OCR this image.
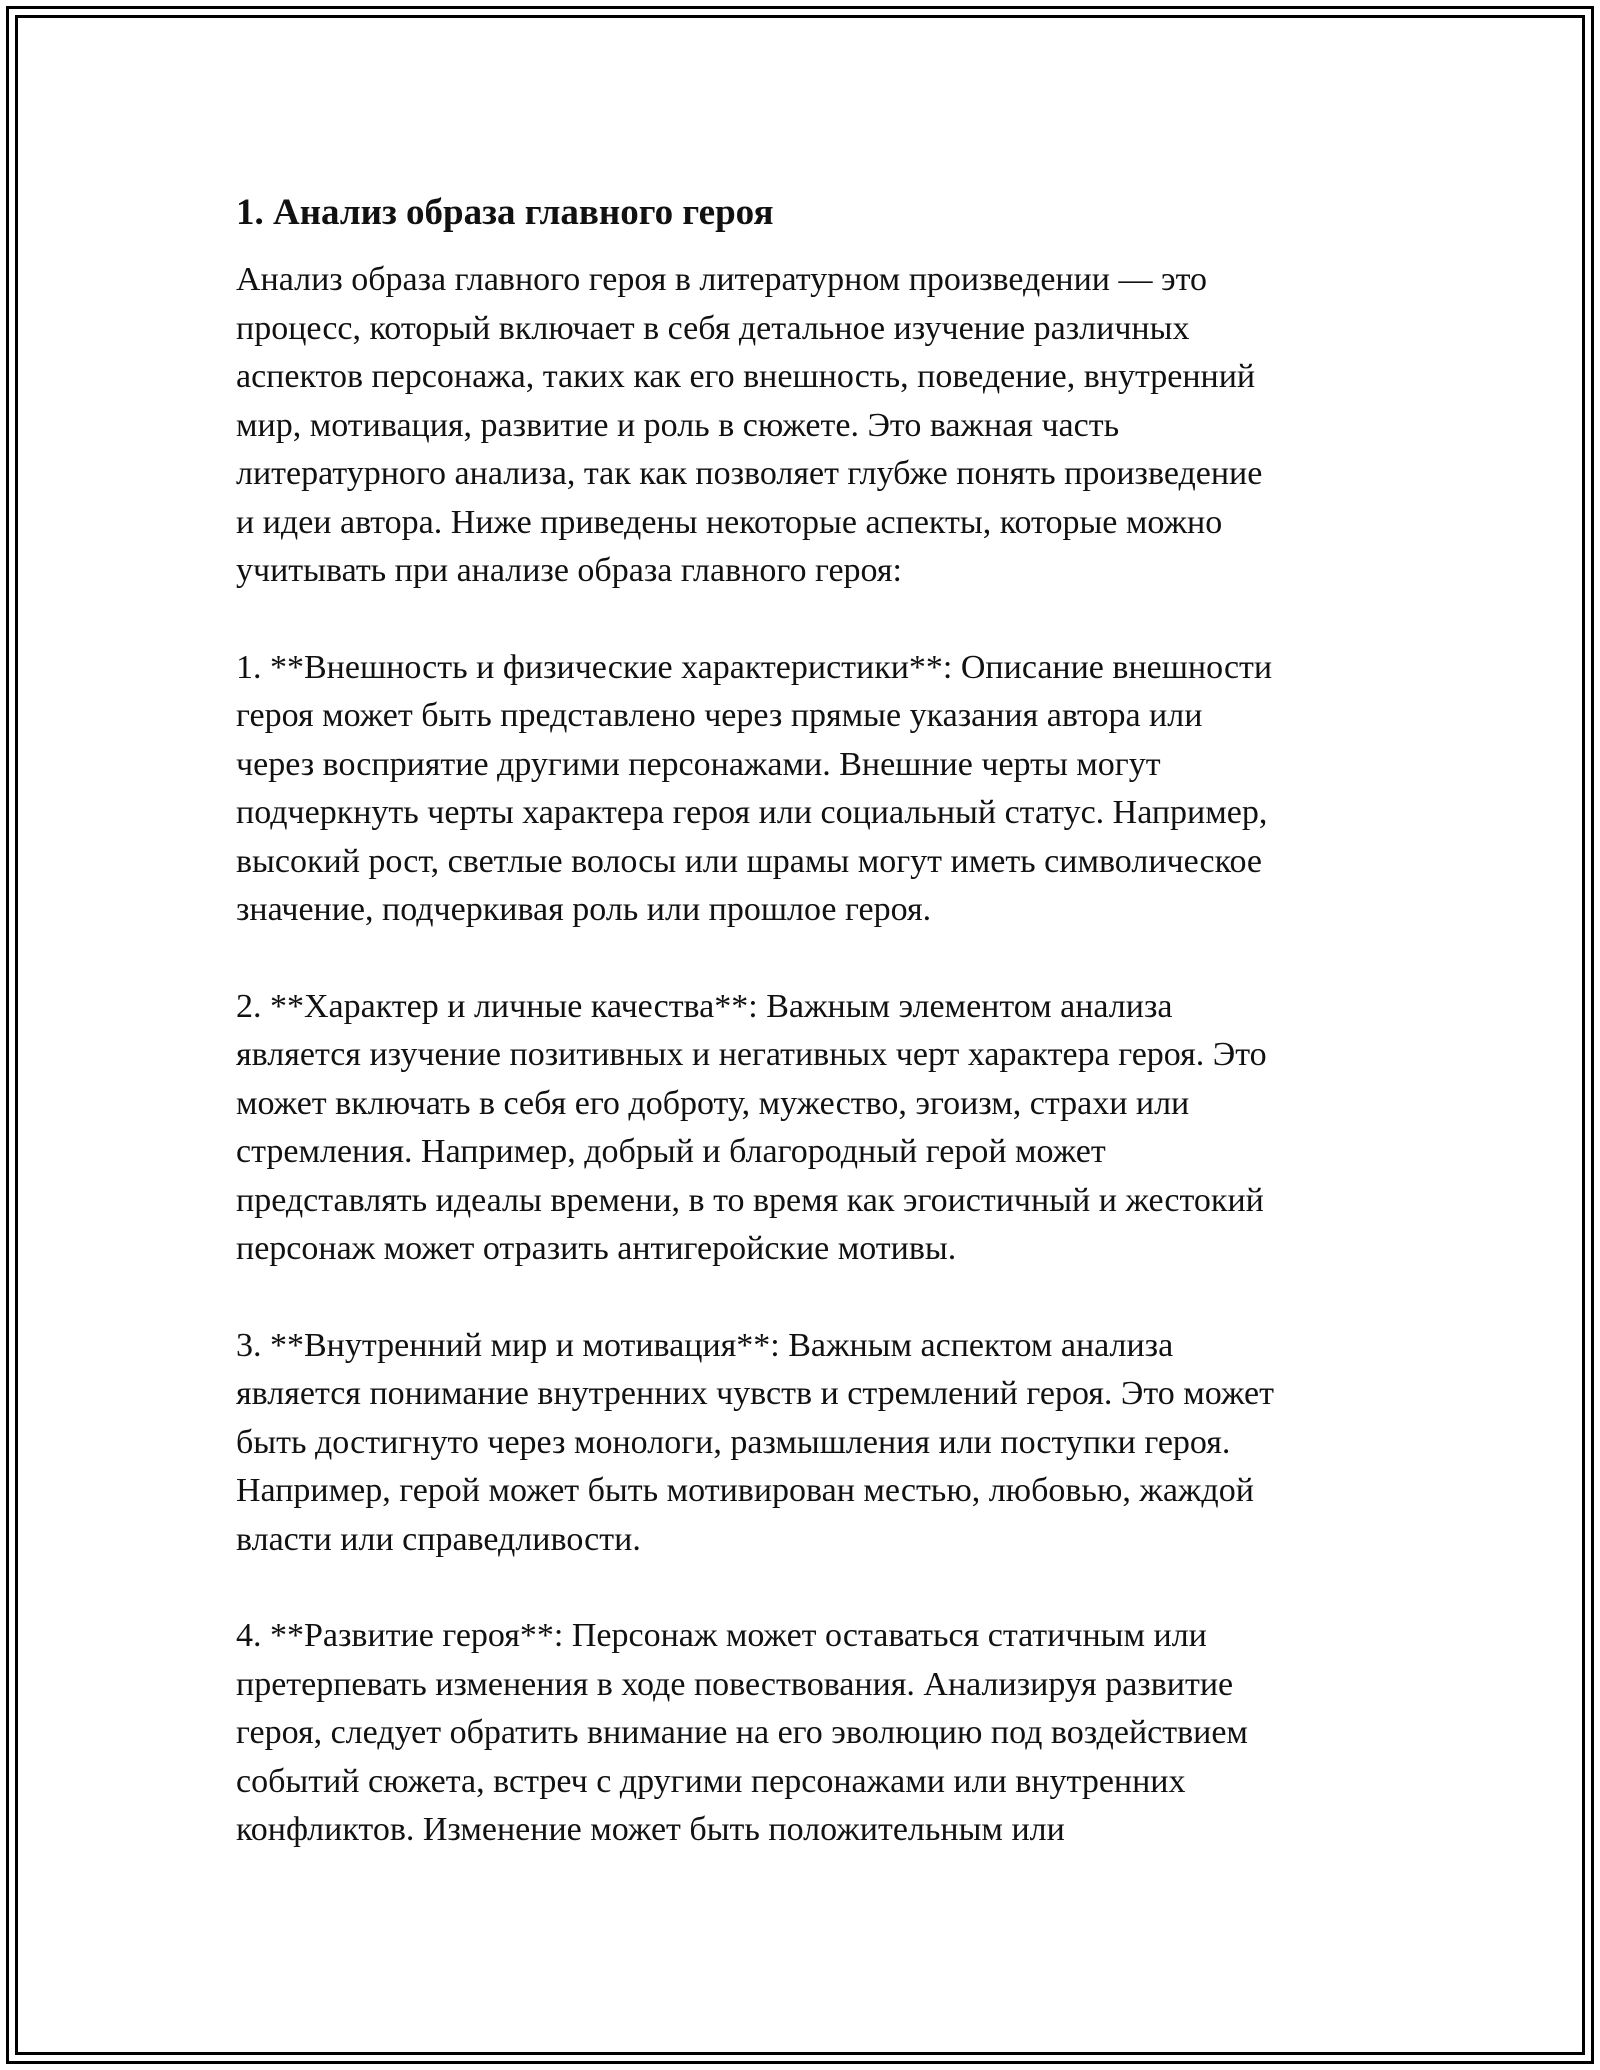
1. Анализ образа главного героя

Анализ образа главного героя в литературном произведении — это
процесс, который включает в себя детальное изучение различных
аспектов персонажа, таких как его внешность, поведение, внутренний
мир, мотивация, развитие и роль в сюжете. Это важная часть
литературного анализа, так как позволяет глубже понять произведение
и идеи автора. Ниже приведены некоторые аспекты, которые можно
учитывать при анализе образа главного героя:

1. **Внешность и физические характеристики**: Описание внешности
героя может быть представлено через прямые указания автора или
через восприятие другими персонажами. Внешние черты могут
подчеркнуть черты характера героя или социальный статус. Например,
высокий рост, светлые волосы или шрамы могут иметь символическое
значение, подчеркивая роль или прошлое героя.

2. **Характер и личные качества**: Важным элементом анализа
является изучение позитивных и негативных черт характера героя. Это
может включать в себя его доброту, мужество, эгоизм, страхи или
стремления. Например, добрый и благородный герой может
представлять идеалы времени, в то время как эгоистичный и жестокий
персонаж может отразить антигеройские мотивы.

3. **Внутренний мир и мотивация**: Важным аспектом анализа
является понимание внутренних чувств и стремлений героя. Это может
быть достигнуто через монологи, размышления или поступки героя.
Например, герой может быть мотивирован местью, любовью, жаждой
власти или справедливости.

4. **Развитие героя**: Персонаж может оставаться статичным или
претерпевать изменения в ходе повествования. Анализируя развитие
героя, следует обратить внимание на его эволюцию под воздействием
событий сюжета, встреч с другими персонажами или внутренних
конфликтов. Изменение может быть положительным или
